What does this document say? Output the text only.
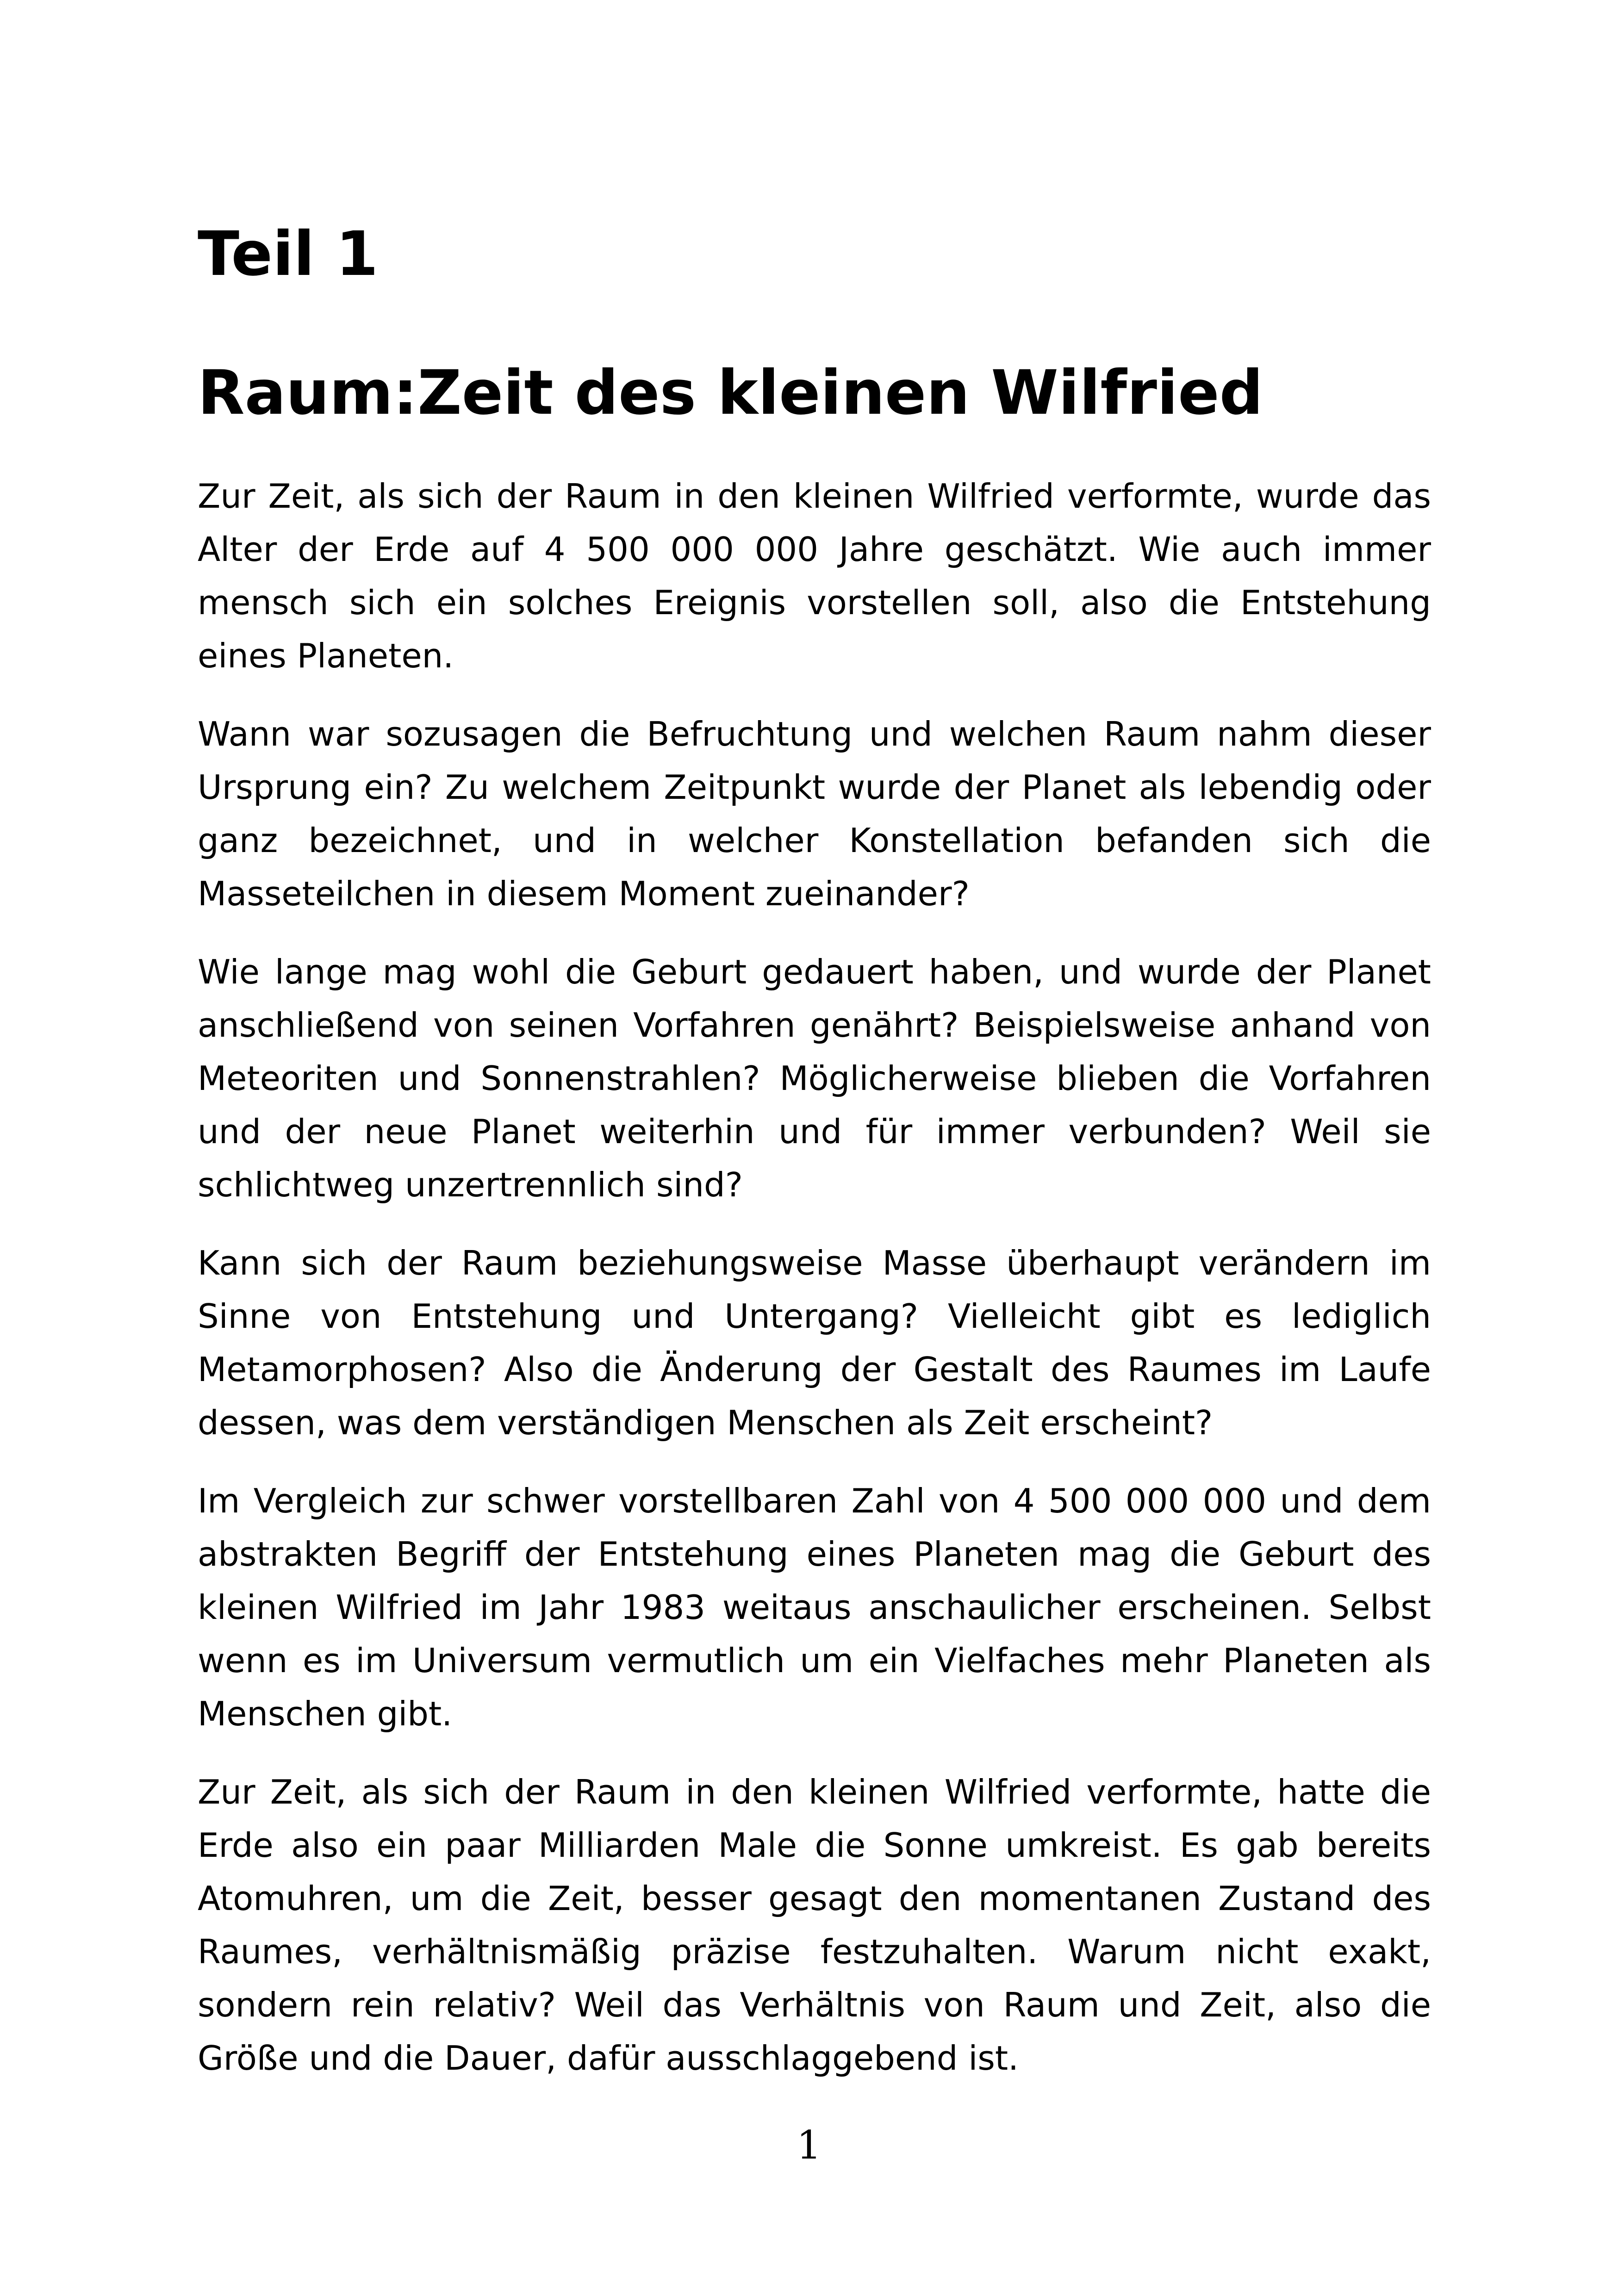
Teil 1
Raum:Zeit des kleinen Wilfried

Zur Zeit, als sich der Raum in den kleinen Wilfried verformte, wurde das Alter der Erde auf 4 500 000 000 Jahre geschätzt. Wie auch immer mensch sich ein solches Ereignis vorstellen soll, also die Entstehung eines Planeten.

Wann war sozusagen die Befruchtung und welchen Raum nahm dieser Ursprung ein? Zu welchem Zeitpunkt wurde der Planet als lebendig oder ganz bezeichnet, und in welcher Konstellation befanden sich die Masseteilchen in diesem Moment zueinander?

Wie lange mag wohl die Geburt gedauert haben, und wurde der Planet anschließend von seinen Vorfahren genährt? Beispielsweise anhand von Meteoriten und Sonnenstrahlen? Möglicherweise blieben die Vorfahren und der neue Planet weiterhin und für immer verbunden? Weil sie schlichtweg unzertrennlich sind?

Kann sich der Raum beziehungsweise Masse überhaupt verändern im Sinne von Entstehung und Untergang? Vielleicht gibt es lediglich Metamorphosen? Also die Änderung der Gestalt des Raumes im Laufe dessen, was dem verständigen Menschen als Zeit erscheint?

Im Vergleich zur schwer vorstellbaren Zahl von 4 500 000 000 und dem abstrakten Begriff der Entstehung eines Planeten mag die Geburt des kleinen Wilfried im Jahr 1983 weitaus anschaulicher erscheinen. Selbst wenn es im Universum vermutlich um ein Vielfaches mehr Planeten als Menschen gibt.

Zur Zeit, als sich der Raum in den kleinen Wilfried verformte, hatte die Erde also ein paar Milliarden Male die Sonne umkreist. Es gab bereits Atomuhren, um die Zeit, besser gesagt den momentanen Zustand des Raumes, verhältnismäßig präzise festzuhalten. Warum nicht exakt, sondern rein relativ? Weil das Verhältnis von Raum und Zeit, also die Größe und die Dauer, dafür ausschlaggebend ist.

1
